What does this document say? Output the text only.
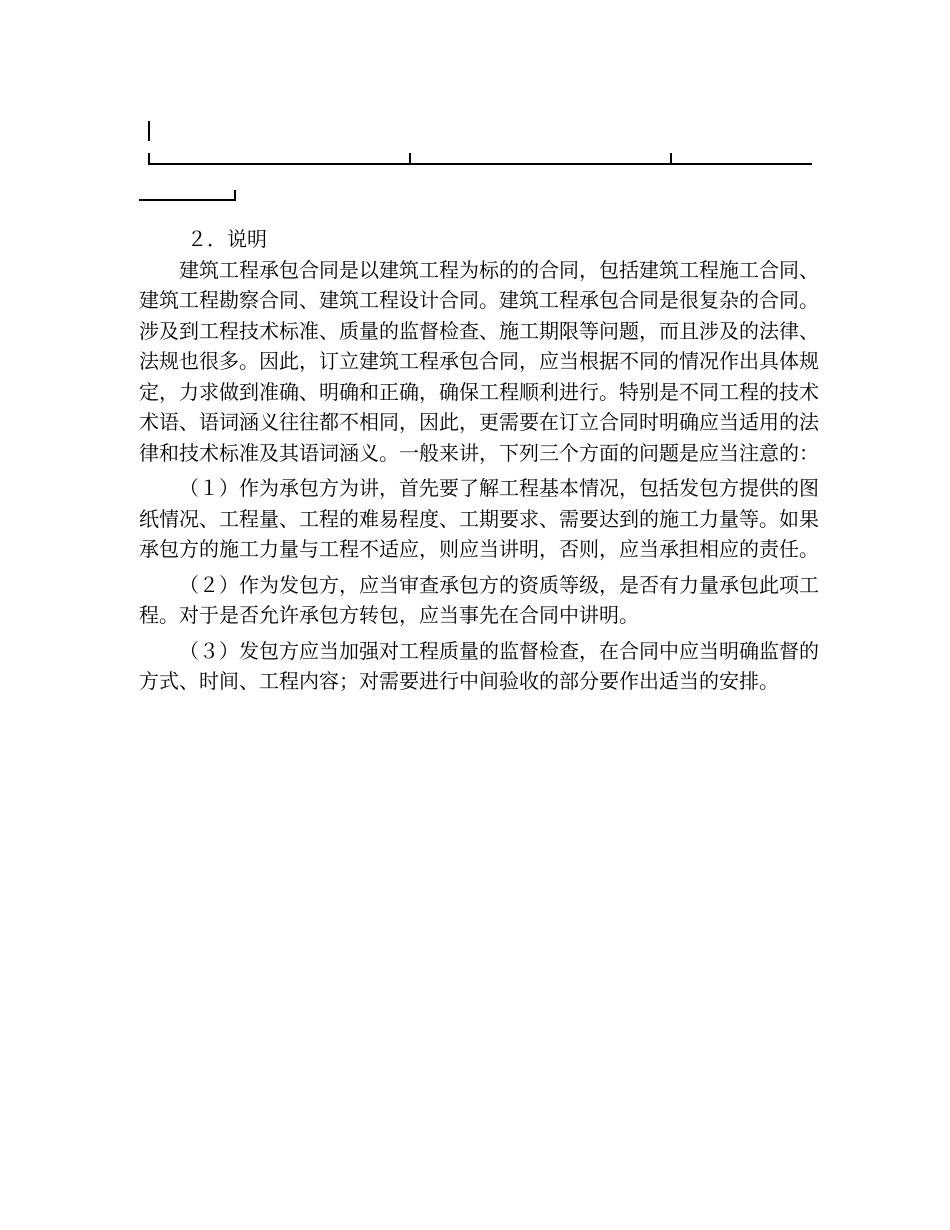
２．说明

建筑工程承包合同是以建筑工程为标的的合同，包括建筑工程施工合同、建筑工程勘察合同、建筑工程设计合同。建筑工程承包合同是很复杂的合同。涉及到工程技术标准、质量的监督检查、施工期限等问题，而且涉及的法律、法规也很多。因此，订立建筑工程承包合同，应当根据不同的情况作出具体规定，力求做到准确、明确和正确，确保工程顺利进行。特别是不同工程的技术术语、语词涵义往往都不相同，因此，更需要在订立合同时明确应当适用的法律和技术标准及其语词涵义。一般来讲，下列三个方面的问题是应当注意的：

（１）作为承包方为讲，首先要了解工程基本情况，包括发包方提供的图纸情况、工程量、工程的难易程度、工期要求、需要达到的施工力量等。如果承包方的施工力量与工程不适应，则应当讲明，否则，应当承担相应的责任。

（２）作为发包方，应当审查承包方的资质等级，是否有力量承包此项工程。对于是否允许承包方转包，应当事先在合同中讲明。

（３）发包方应当加强对工程质量的监督检查，在合同中应当明确监督的方式、时间、工程内容；对需要进行中间验收的部分要作出适当的安排。
